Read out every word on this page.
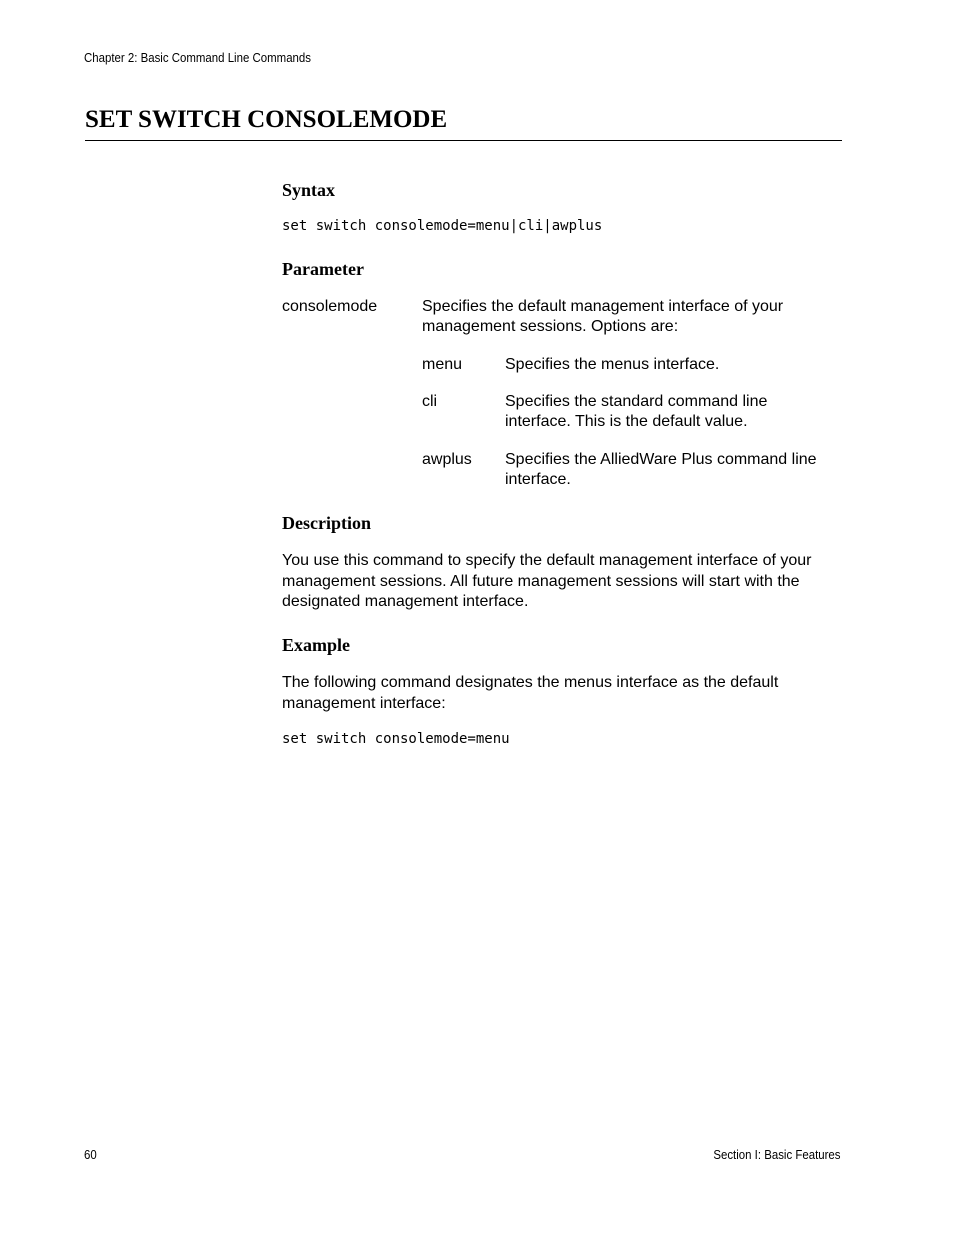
Chapter 2: Basic Command Line Commands
SET SWITCH CONSOLEMODE
Syntax
set switch consolemode=menu|cli|awplus
Parameter
consolemode	Specifies the default management interface of your management sessions. Options are:

menu	Specifies the menus interface.

cli	Specifies the standard command line interface. This is the default value.

awplus Specifies the AlliedWare Plus command line interface.

Description

You use this command to specify the default management interface of your management sessions. All future management sessions will start with the designated management interface.

Example

The following command designates the menus interface as the default management interface:

set switch consolemode=menu
60	Section I: Basic Features
